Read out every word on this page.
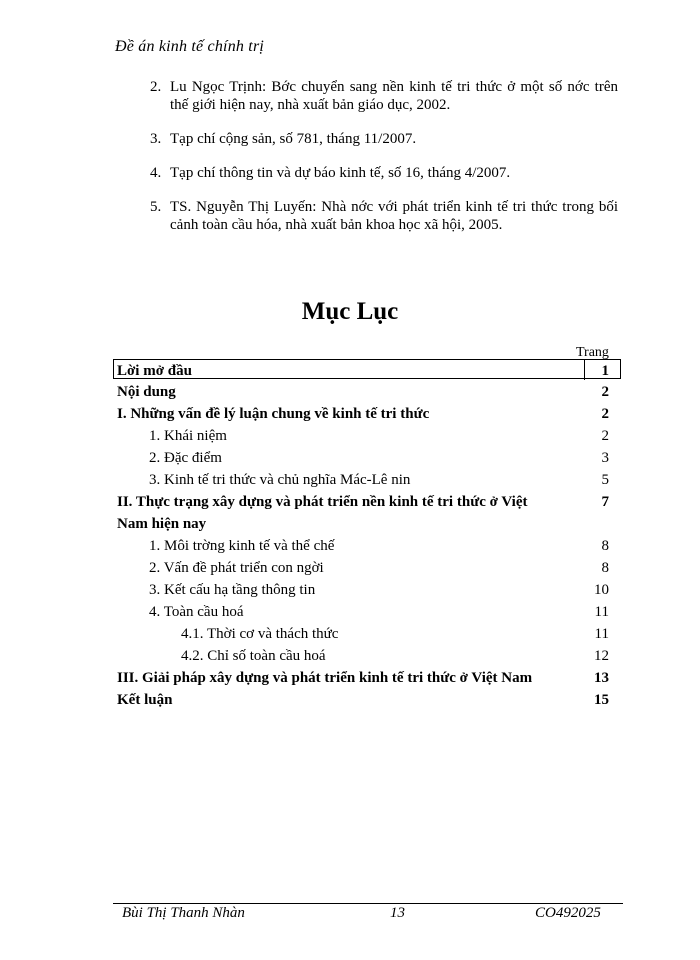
Đề án kinh tế chính trị
2. Lu Ngọc Trịnh: Bớc chuyển sang nền kinh tế tri thức ở một số nớc trên thế giới hiện nay, nhà xuất bản giáo dục, 2002.
3. Tạp chí cộng sản, số 781, tháng 11/2007.
4. Tạp chí thông tin và dự báo kinh tế, số 16, tháng 4/2007.
5. TS. Nguyễn Thị Luyến: Nhà nớc với phát triển kinh tế tri thức trong bối cảnh toàn cầu hóa, nhà xuất bản khoa học xã hội, 2005.
Mục Lục
Trang
Lời mở đầu	1
Nội dung	2
I. Những vấn đề lý luận chung về kinh tế tri thức	2
1. Khái niệm	2
2. Đặc điểm	3
3. Kinh tế tri thức và chủ nghĩa Mác-Lê nin	5
II. Thực trạng xây dựng và phát triển nền kinh tế tri thức ở Việt	7
Nam hiện nay
1. Môi trờng kinh tế và thể chế	8
2. Vấn đề phát triển con ngời	8
3. Kết cấu hạ tầng thông tin	10
4. Toàn cầu hoá	11
4.1. Thời cơ và thách thức	11
4.2. Chỉ số toàn cầu hoá	12
III. Giải pháp xây dựng và phát triển kinh tế tri thức ở Việt Nam	13
Kết luận	15
Bùi Thị Thanh Nhàn	13	CO492025
